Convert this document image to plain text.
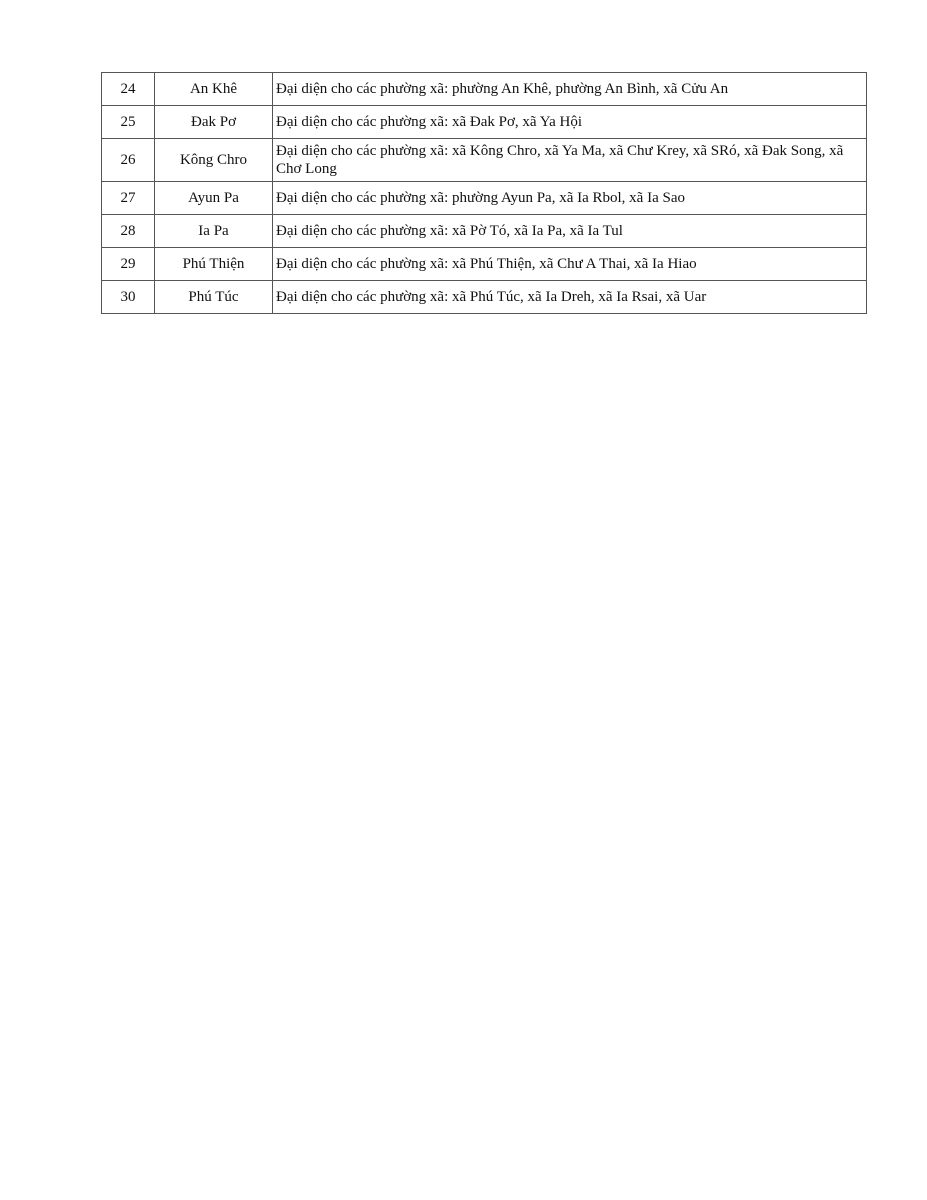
24	An Khê	Đại diện cho các phường xã: phường An Khê, phường An Bình, xã Cửu An
25	Đak Pơ	Đại diện cho các phường xã: xã Đak Pơ, xã Ya Hội
26	Kông Chro	Đại diện cho các phường xã: xã Kông Chro, xã Ya Ma, xã Chư Krey, xã SRó, xã Đak Song, xã Chơ Long
27	Ayun Pa	Đại diện cho các phường xã: phường Ayun Pa, xã Ia Rbol, xã Ia Sao
28	Ia Pa	Đại diện cho các phường xã: xã Pờ Tó, xã Ia Pa, xã Ia Tul
29	Phú Thiện	Đại diện cho các phường xã: xã Phú Thiện, xã Chư A Thai, xã Ia Hiao
30	Phú Túc	Đại diện cho các phường xã: xã Phú Túc, xã Ia Dreh, xã Ia Rsai, xã Uar
